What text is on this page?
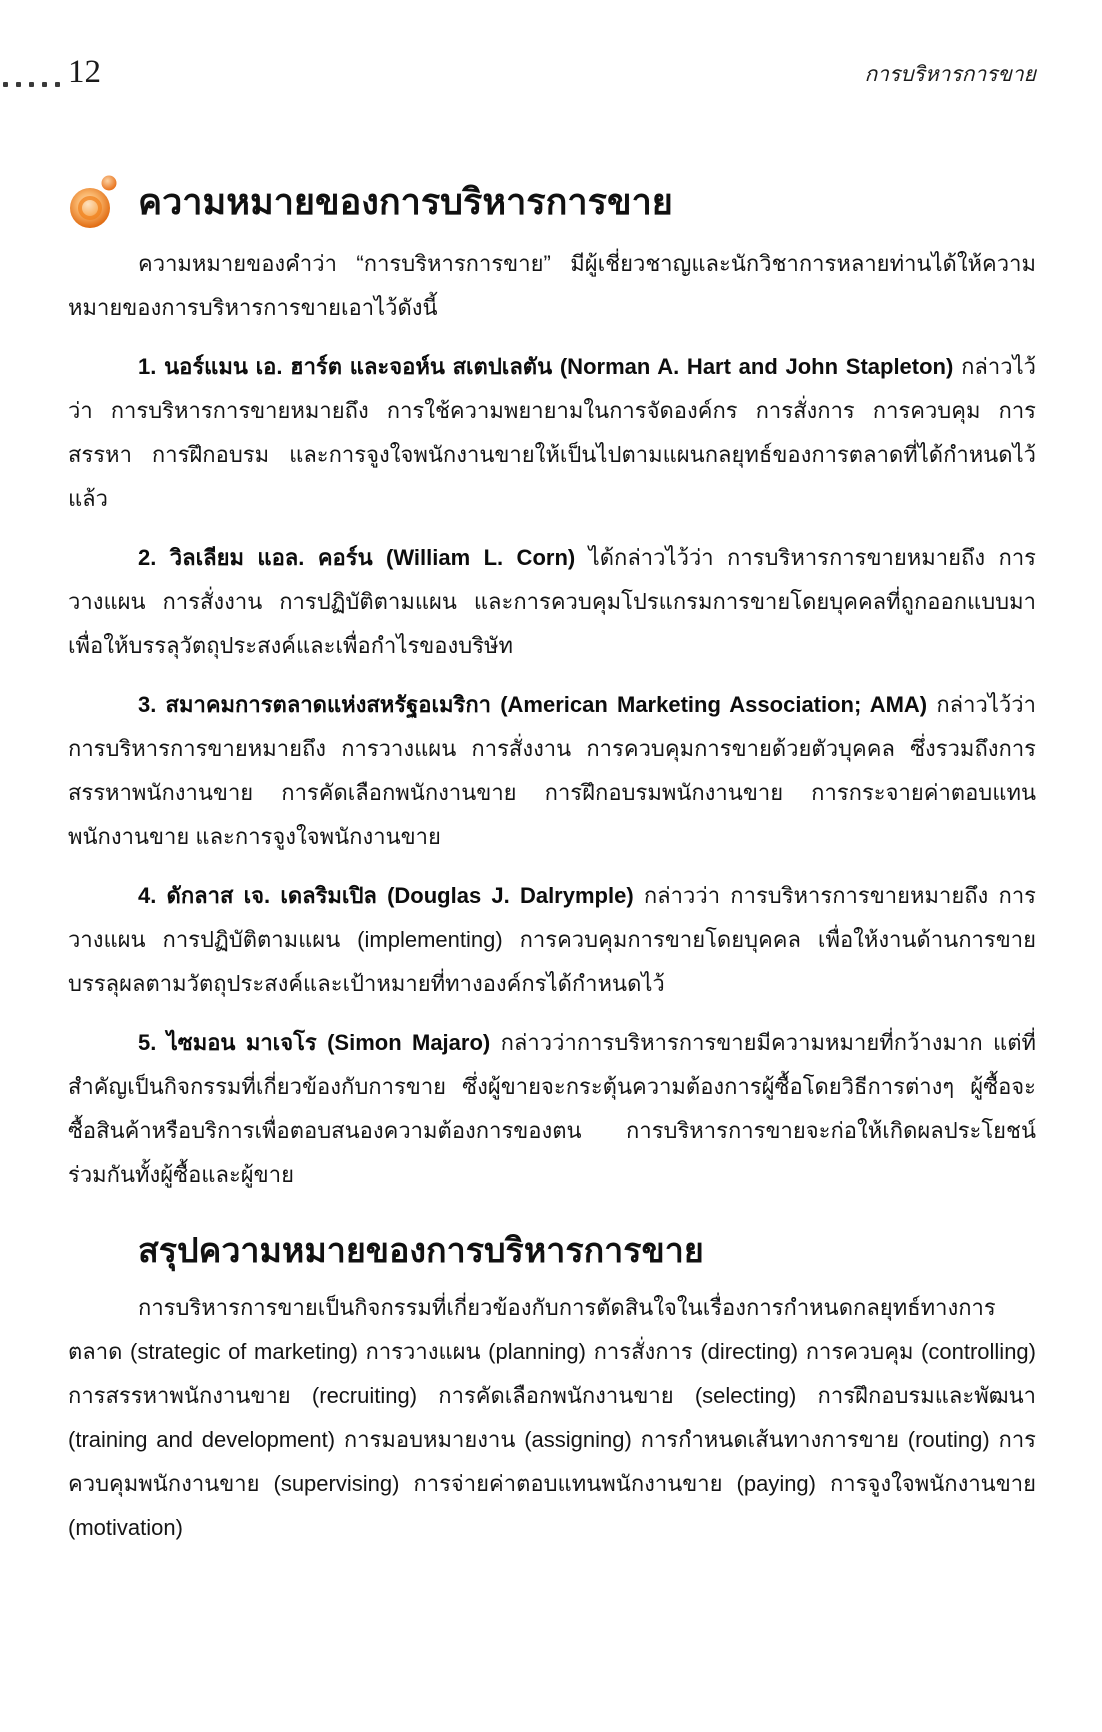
12	การบริหารการขาย
ความหมายของการบริหารการขาย

ความหมายของคำว่า “การบริหารการขาย” มีผู้เชี่ยวชาญและนักวิชาการหลายท่านได้ให้ความหมายของการบริหารการขายเอาไว้ดังนี้

1. นอร์แมน เอ. ฮาร์ต และจอห์น สเตปเลตัน (Norman A. Hart and John Stapleton) กล่าวไว้ว่า การบริหารการขายหมายถึง การใช้ความพยายามในการจัดองค์กร การสั่งการ การควบคุม การสรรหา การฝึกอบรม และการจูงใจพนักงานขายให้เป็นไปตามแผนกลยุทธ์ของการตลาดที่ได้กำหนดไว้แล้ว

2. วิลเลียม แอล. คอร์น (William L. Corn) ได้กล่าวไว้ว่า การบริหารการขายหมายถึง การวางแผน การสั่งงาน การปฏิบัติตามแผน และการควบคุมโปรแกรมการขายโดยบุคคลที่ถูกออกแบบมาเพื่อให้บรรลุวัตถุประสงค์และเพื่อกำไรของบริษัท

3. สมาคมการตลาดแห่งสหรัฐอเมริกา (American Marketing Association; AMA) กล่าวไว้ว่า การบริหารการขายหมายถึง การวางแผน การสั่งงาน การควบคุมการขายด้วยตัวบุคคล ซึ่งรวมถึงการสรรหาพนักงานขาย การคัดเลือกพนักงานขาย การฝึกอบรมพนักงานขาย การกระจายค่าตอบแทนพนักงานขาย และการจูงใจพนักงานขาย

4. ดักลาส เจ. เดลริมเปิล (Douglas J. Dalrymple) กล่าวว่า การบริหารการขายหมายถึง การวางแผน การปฏิบัติตามแผน (implementing) การควบคุมการขายโดยบุคคล เพื่อให้งานด้านการขายบรรลุผลตามวัตถุประสงค์และเป้าหมายที่ทางองค์กรได้กำหนดไว้

5. ไซมอน มาเจโร (Simon Majaro) กล่าวว่าการบริหารการขายมีความหมายที่กว้างมาก แต่ที่สำคัญเป็นกิจกรรมที่เกี่ยวข้องกับการขาย ซึ่งผู้ขายจะกระตุ้นความต้องการผู้ซื้อโดยวิธีการต่างๆ ผู้ซื้อจะซื้อสินค้าหรือบริการเพื่อตอบสนองความต้องการของตน การบริหารการขายจะก่อให้เกิดผลประโยชน์ร่วมกันทั้งผู้ซื้อและผู้ขาย

สรุปความหมายของการบริหารการขาย

การบริหารการขายเป็นกิจกรรมที่เกี่ยวข้องกับการตัดสินใจในเรื่องการกำหนดกลยุทธ์ทางการตลาด (strategic of marketing) การวางแผน (planning) การสั่งการ (directing) การควบคุม (controlling) การสรรหาพนักงานขาย (recruiting) การคัดเลือกพนักงานขาย (selecting) การฝึกอบรมและพัฒนา (training and development) การมอบหมายงาน (assigning) การกำหนดเส้นทางการขาย (routing) การควบคุมพนักงานขาย (supervising) การจ่ายค่าตอบแทนพนักงานขาย (paying) การจูงใจพนักงานขาย (motivation)
